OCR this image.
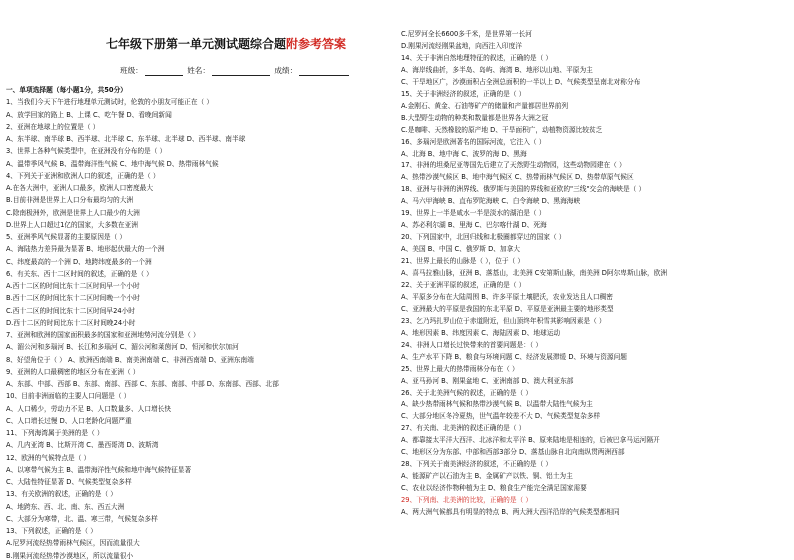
七年级下册第一单元测试题综合题附参考答案
班级：	姓名：	成绩：
一、单项选择题（每小题1分，共50分）
1、当我们今天下午进行地理单元测试时，伦敦的小朋友可能正在（ ）
A、放学回家的路上 B、上课 C、吃午餐 D、看晚间新闻
2、亚洲在地球上的位置是（ ）
A、东半球、南半球 B、西半球、北半球 C、东半球、北半球 D、西半球、南半球
3、世界上各种气候类型中，在亚洲没有分布的是（ ）
A、温带季风气候 B、温带海洋性气候 C、地中海气候 D、热带雨林气候
4、下列关于亚洲和欧洲人口的叙述，正确的是（ ）
A.在各大洲中，亚洲人口最多，欧洲人口密度最大
B.目前非洲是世界上人口分布最均匀的大洲
C.除南极洲外，欧洲是世界上人口最少的大洲
D.世界上人口超过1亿的国家，大多数在亚洲
5、亚洲季风气候显著的主要原因是（ ）
A、海陆热力差异最为显著 B、地形起伏最大的一个洲
C、纬度最高的一个洲 D、地跨纬度最多的一个洲
6、有关东、西十二区时间的叙述，正确的是（ ）
A.西十二区的时间比东十二区时间早一个小时
B.西十二区的时间比东十二区时间晚一个小时
C.西十二区的时间比东十二区时间早24小时
D.西十二区的时间比东十二区时间晚24小时
7、亚洲和欧洲的国家面积最多的国家和亚洲地势河流分别是（ ）
A、湄公河和多瑙河 B、长江和多瑙河 C、湄公河和莱茵河 D、恒河和伏尔加河
8、好望角位于（ ） A、欧洲西南端 B、南美洲南端 C、非洲西南端 D、亚洲东南端
9、亚洲的人口最稠密的地区分布在亚洲（ ）
A、东部、中部、西部 B、东部、南部、西部 C、东部、南部、中部 D、东南部、西部、北部
10、目前非洲面临的主要人口问题是（ ）
A、人口稀少，劳动力不足 B、人口数量多、人口增长快
C、人口增长过慢 D、人口老龄化问题严重
11、下列海湾属于美洲的是（ ）
A、几内亚湾 B、比斯开湾 C、墨西哥湾 D、波斯湾
12、欧洲的气候特点是（ ）
A、以寒带气候为主 B、温带海洋性气候和地中海气候特征显著
C、大陆性特征显著 D、气候类型复杂多样
13、有关欧洲的叙述，正确的是（ ）
A、地跨东、西、北、南、东、西五大洲
C、大部分为寒带，北、温、寒三带，气候复杂多样
13、下列叙述，正确的是（ ）
A.尼罗河流经热带雨林气候区，因而流量很大
B.刚果河流经热带沙漠地区，所以流量很小
C.尼罗河全长6600多千米，是世界第一长河
D.刚果河流经刚果盆地，向西注入印度洋
14、关于非洲自然地理特征的叙述，正确的是（ ）
A、海岸线曲折，多半岛、岛屿、海湾 B、地形以山地、平原为主
C、干旱地区广，沙漠面积占全洲总面积的一半以上 D、气候类型呈南北对称分布
15、关于非洲经济的叙述，正确的是（ ）
A.金刚石、黄金、石油等矿产的储量和产量都居世界前列
B.大型野生动物的种类和数量都是世界各大洲之冠
C.是咖啡、天然橡胶的原产地 D、干旱面积广，动植物资源比较贫乏
16、多瑙河是欧洲著名的国际河流，它注入（ ）
A、北海 B、地中海 C、波罗的海 D、黑海
17、非洲的坦桑尼亚等国先后建立了天然野生动物园，这些动物园建在（ ）
A、热带沙漠气候区 B、地中海气候区 C、热带雨林气候区 D、热带草原气候区
18、亚洲与非洲的洲界线、俄罗斯与美国的界线和亚欧的"三线"交会的海峡是（ ）
A、马六甲海峡 B、直布罗陀海峡 C、白令海峡 D、黑海海峡
19、世界上一半是咸水一半是淡水的湖泊是（ ）
A、苏必利尔湖 B、里海 C、巴尔喀什湖 D、死海
20、下列国家中，北回归线和北极圈都穿过的国家（ ）
A、美国 B、中国 C、俄罗斯 D、加拿大
21、世界上最长的山脉是（ ），位于（ ）
A、喜马拉雅山脉，亚洲 B、落基山，北美洲 C安第斯山脉，南美洲 D阿尔卑斯山脉，欧洲
22、关于亚洲平原的叙述，正确的是（ ）
A、平原多分布在大陆周围 B、许多平原土壤肥沃，农业发达且人口稠密
C、亚洲最大的平原是我国的东北平原 D、平原是亚洲最主要的地形类型
23、乞乃玛扎罗山位于赤道附近，但山顶终年积雪其影响因素是（ ）
A、地形因素 B、纬度因素 C、海陆因素 D、地球运动
24、非洲人口增长过快带来的首要问题是：（ ）
A、生产水平下降 B、粮食与环境问题 C、经济发展滞缓 D、环境与资源问题
25、世界上最大的热带雨林分布在（ ）
A、亚马孙河 B、刚果盆地 C、亚洲南部 D、澳大利亚东部
26、关于北美洲气候的叙述，正确的是（ ）
A、缺少热带雨林气候和热带沙漠气候 B、以温带大陆性气候为主
C、大部分地区冬冷夏热，世气温年较差不大 D、气候类型复杂多样
27、有关南、北美洲的叙述正确的是（ ）
A、都靠接太平洋大西洋、北冰洋和太平洋 B、原来陆地是相连的，后被巴拿马运河隔开
C、地形区分为东部、中部和西部3部分 D、落基山脉自北向南纵贯两洲西部
28、下列关于南美洲经济的叙述，不正确的是（ ）
A、能源矿产以石油为主 B、金属矿产以铁、铜、铝土为主
C、农业以经济作物种植为主 D、粮食生产能完全满足国家需要
29、下列南、北美洲的比较，正确的是（ ）
A、两大洲气候都具有明显的特点 B、两大洲大西洋沿岸的气候类型都相同
